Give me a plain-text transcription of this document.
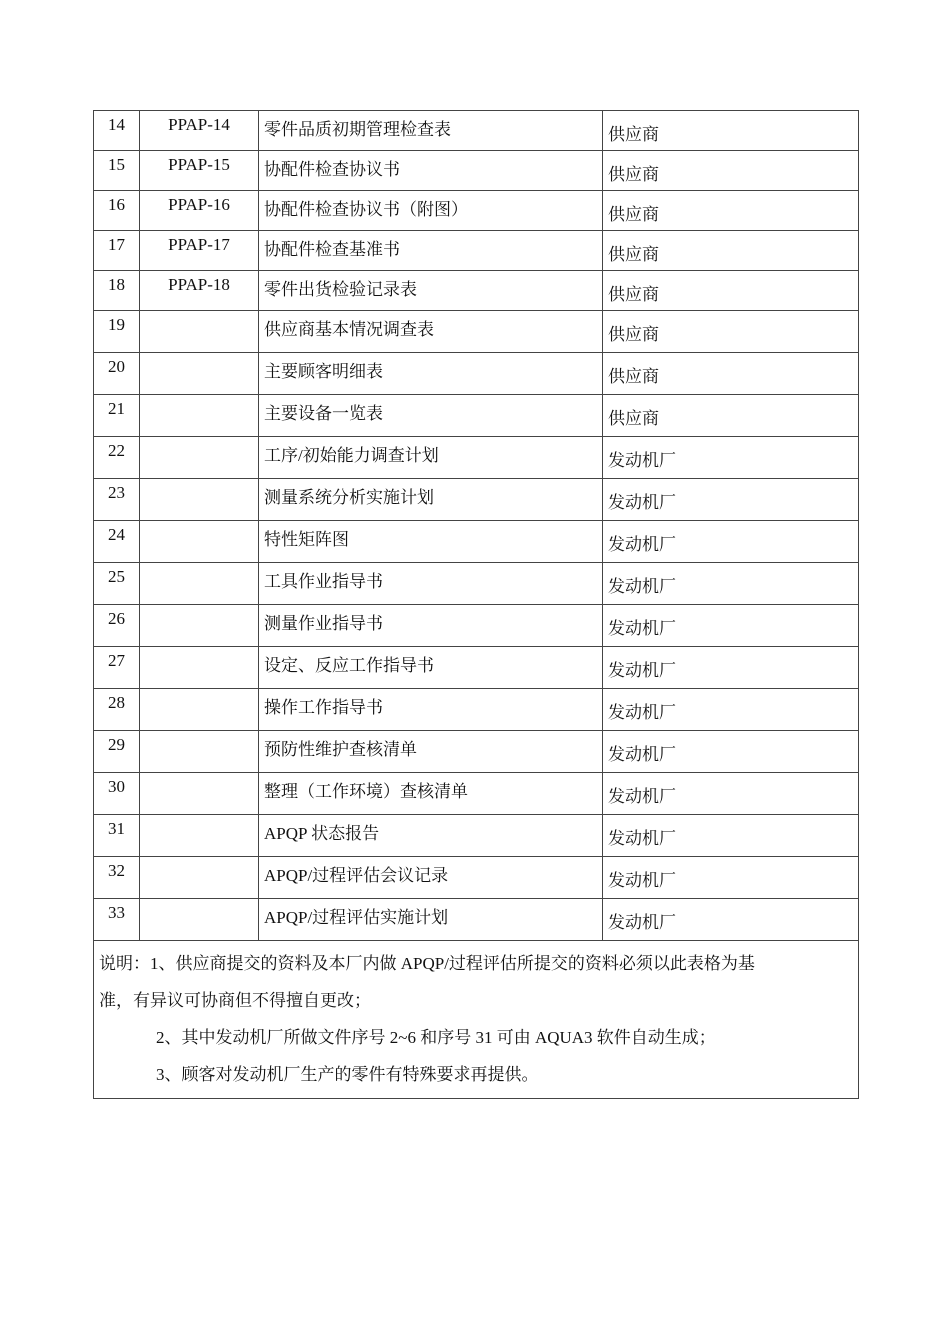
14	PPAP-14	零件品质初期管理检查表	供应商
15	PPAP-15	协配件检查协议书	供应商
16	PPAP-16	协配件检查协议书（附图）	供应商
17	PPAP-17	协配件检查基准书	供应商
18	PPAP-18	零件出货检验记录表	供应商
19		供应商基本情况调查表	供应商
20		主要顾客明细表	供应商
21		主要设备一览表	供应商
22		工序/初始能力调查计划	发动机厂
23		测量系统分析实施计划	发动机厂
24		特性矩阵图	发动机厂
25		工具作业指导书	发动机厂
26		测量作业指导书	发动机厂
27		设定、反应工作指导书	发动机厂
28		操作工作指导书	发动机厂
29		预防性维护查核清单	发动机厂
30		整理（工作环境）查核清单	发动机厂
31		APQP 状态报告	发动机厂
32		APQP/过程评估会议记录	发动机厂
33		APQP/过程评估实施计划	发动机厂

说明：1、供应商提交的资料及本厂内做 APQP/过程评估所提交的资料必须以此表格为基
准，有异议可协商但不得擅自更改；
2、其中发动机厂所做文件序号 2~6 和序号 31 可由 AQUA3 软件自动生成；
3、顾客对发动机厂生产的零件有特殊要求再提供。			
